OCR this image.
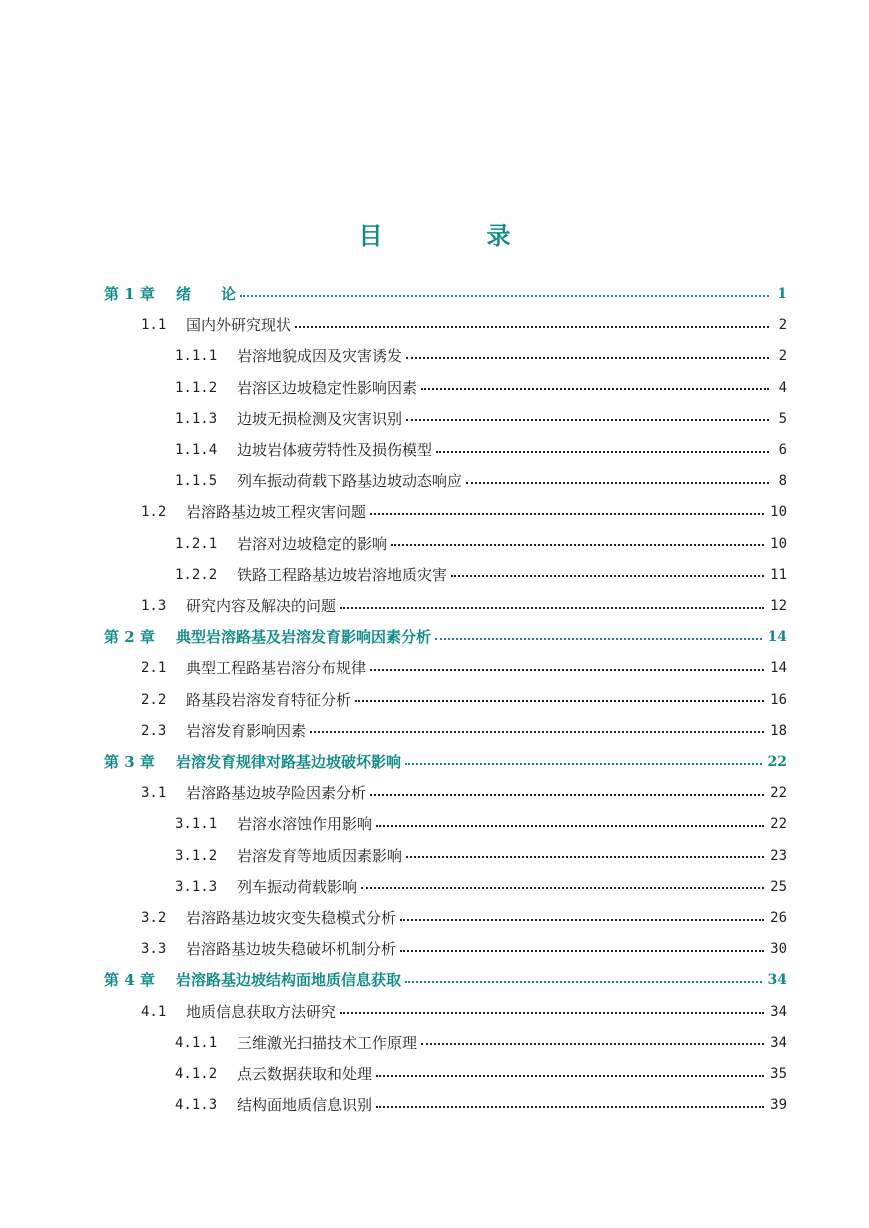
目　录
第 1 章	绪　　论	1
1.1	国内外研究现状	2
1.1.1	岩溶地貌成因及灾害诱发	2
1.1.2	岩溶区边坡稳定性影响因素	4
1.1.3	边坡无损检测及灾害识别	5
1.1.4	边坡岩体疲劳特性及损伤模型	6
1.1.5	列车振动荷载下路基边坡动态响应	8
1.2	岩溶路基边坡工程灾害问题	10
1.2.1	岩溶对边坡稳定的影响	10
1.2.2	铁路工程路基边坡岩溶地质灾害	11
1.3	研究内容及解决的问题	12
第 2 章	典型岩溶路基及岩溶发育影响因素分析	14
2.1	典型工程路基岩溶分布规律	14
2.2	路基段岩溶发育特征分析	16
2.3	岩溶发育影响因素	18
第 3 章	岩溶发育规律对路基边坡破坏影响	22
3.1	岩溶路基边坡孕险因素分析	22
3.1.1	岩溶水溶蚀作用影响	22
3.1.2	岩溶发育等地质因素影响	23
3.1.3	列车振动荷载影响	25
3.2	岩溶路基边坡灾变失稳模式分析	26
3.3	岩溶路基边坡失稳破坏机制分析	30
第 4 章	岩溶路基边坡结构面地质信息获取	34
4.1	地质信息获取方法研究	34
4.1.1	三维激光扫描技术工作原理	34
4.1.2	点云数据获取和处理	35
4.1.3	结构面地质信息识别	39
